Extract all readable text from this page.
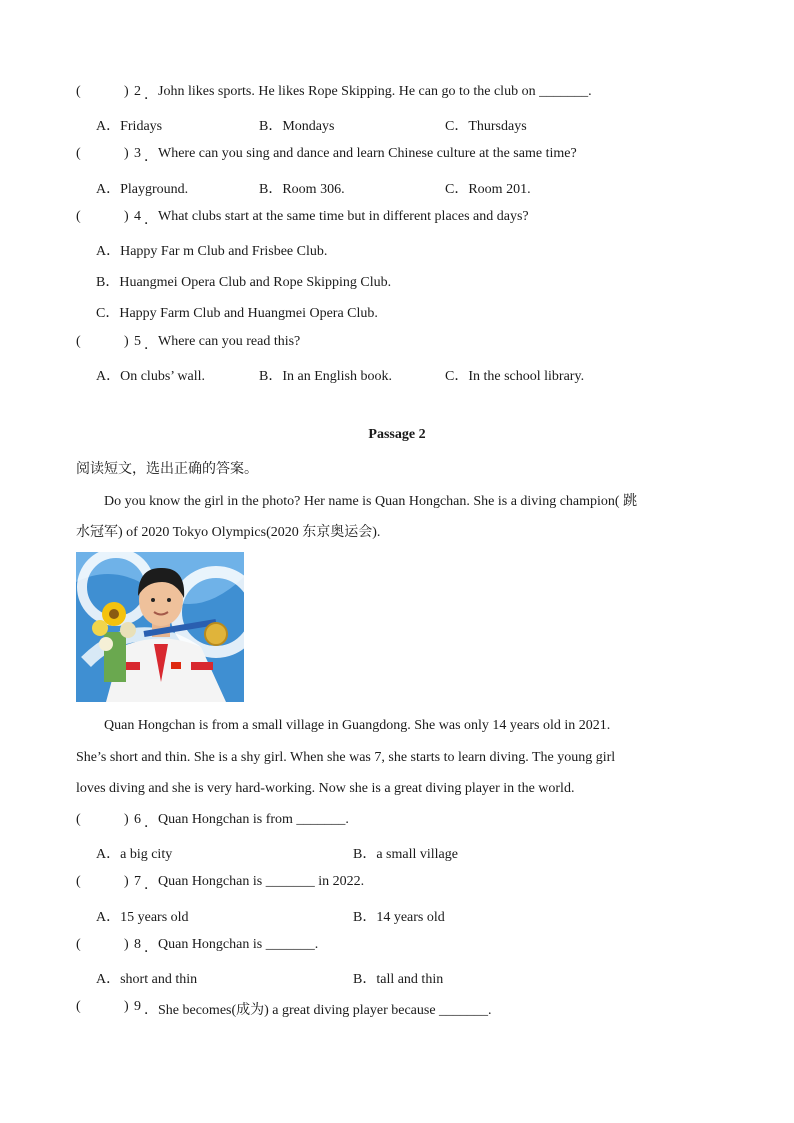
(	) 2 ． John likes sports. He likes Rope Skipping. He can go to the club on _______.
A．Fridays	B．Mondays	C．Thursdays
(	) 3 ． Where can you sing and dance and learn Chinese culture at the same time?
A．Playground.	B．Room 306.	C．Room 201.
(	) 4 ． What clubs start at the same time but in different places and days?
A．Happy Far m Club and Frisbee Club.
B．Huangmei Opera Club and Rope Skipping Club.
C．Happy Farm Club and Huangmei Opera Club.
(	) 5 ． Where can you read this?
A．On clubs’ wall.	B．In an English book.	C．In the school library.
Passage 2
阅读短文，选出正确的答案。
Do you know the girl in the photo? Her name is Quan Hongchan. She is a diving champion( 跳
水冠军) of 2020 Tokyo Olympics(2020 东京奥运会).
Quan Hongchan is from a small village in Guangdong. She was only 14 years old in 2021.
She’s short and thin. She is a shy girl. When she was 7, she starts to learn diving. The young girl
loves diving and she is very hard-working. Now she is a great diving player in the world.
(	) 6 ． Quan Hongchan is from _______.
A．a big city	B．a small village
(	) 7 ． Quan Hongchan is _______ in 2022.
A．15 years old	B．14 years old
(	) 8 ． Quan Hongchan is _______.
A．short and thin	B．tall and thin
(	) 9 ． She becomes(成为) a great diving player because _______.
